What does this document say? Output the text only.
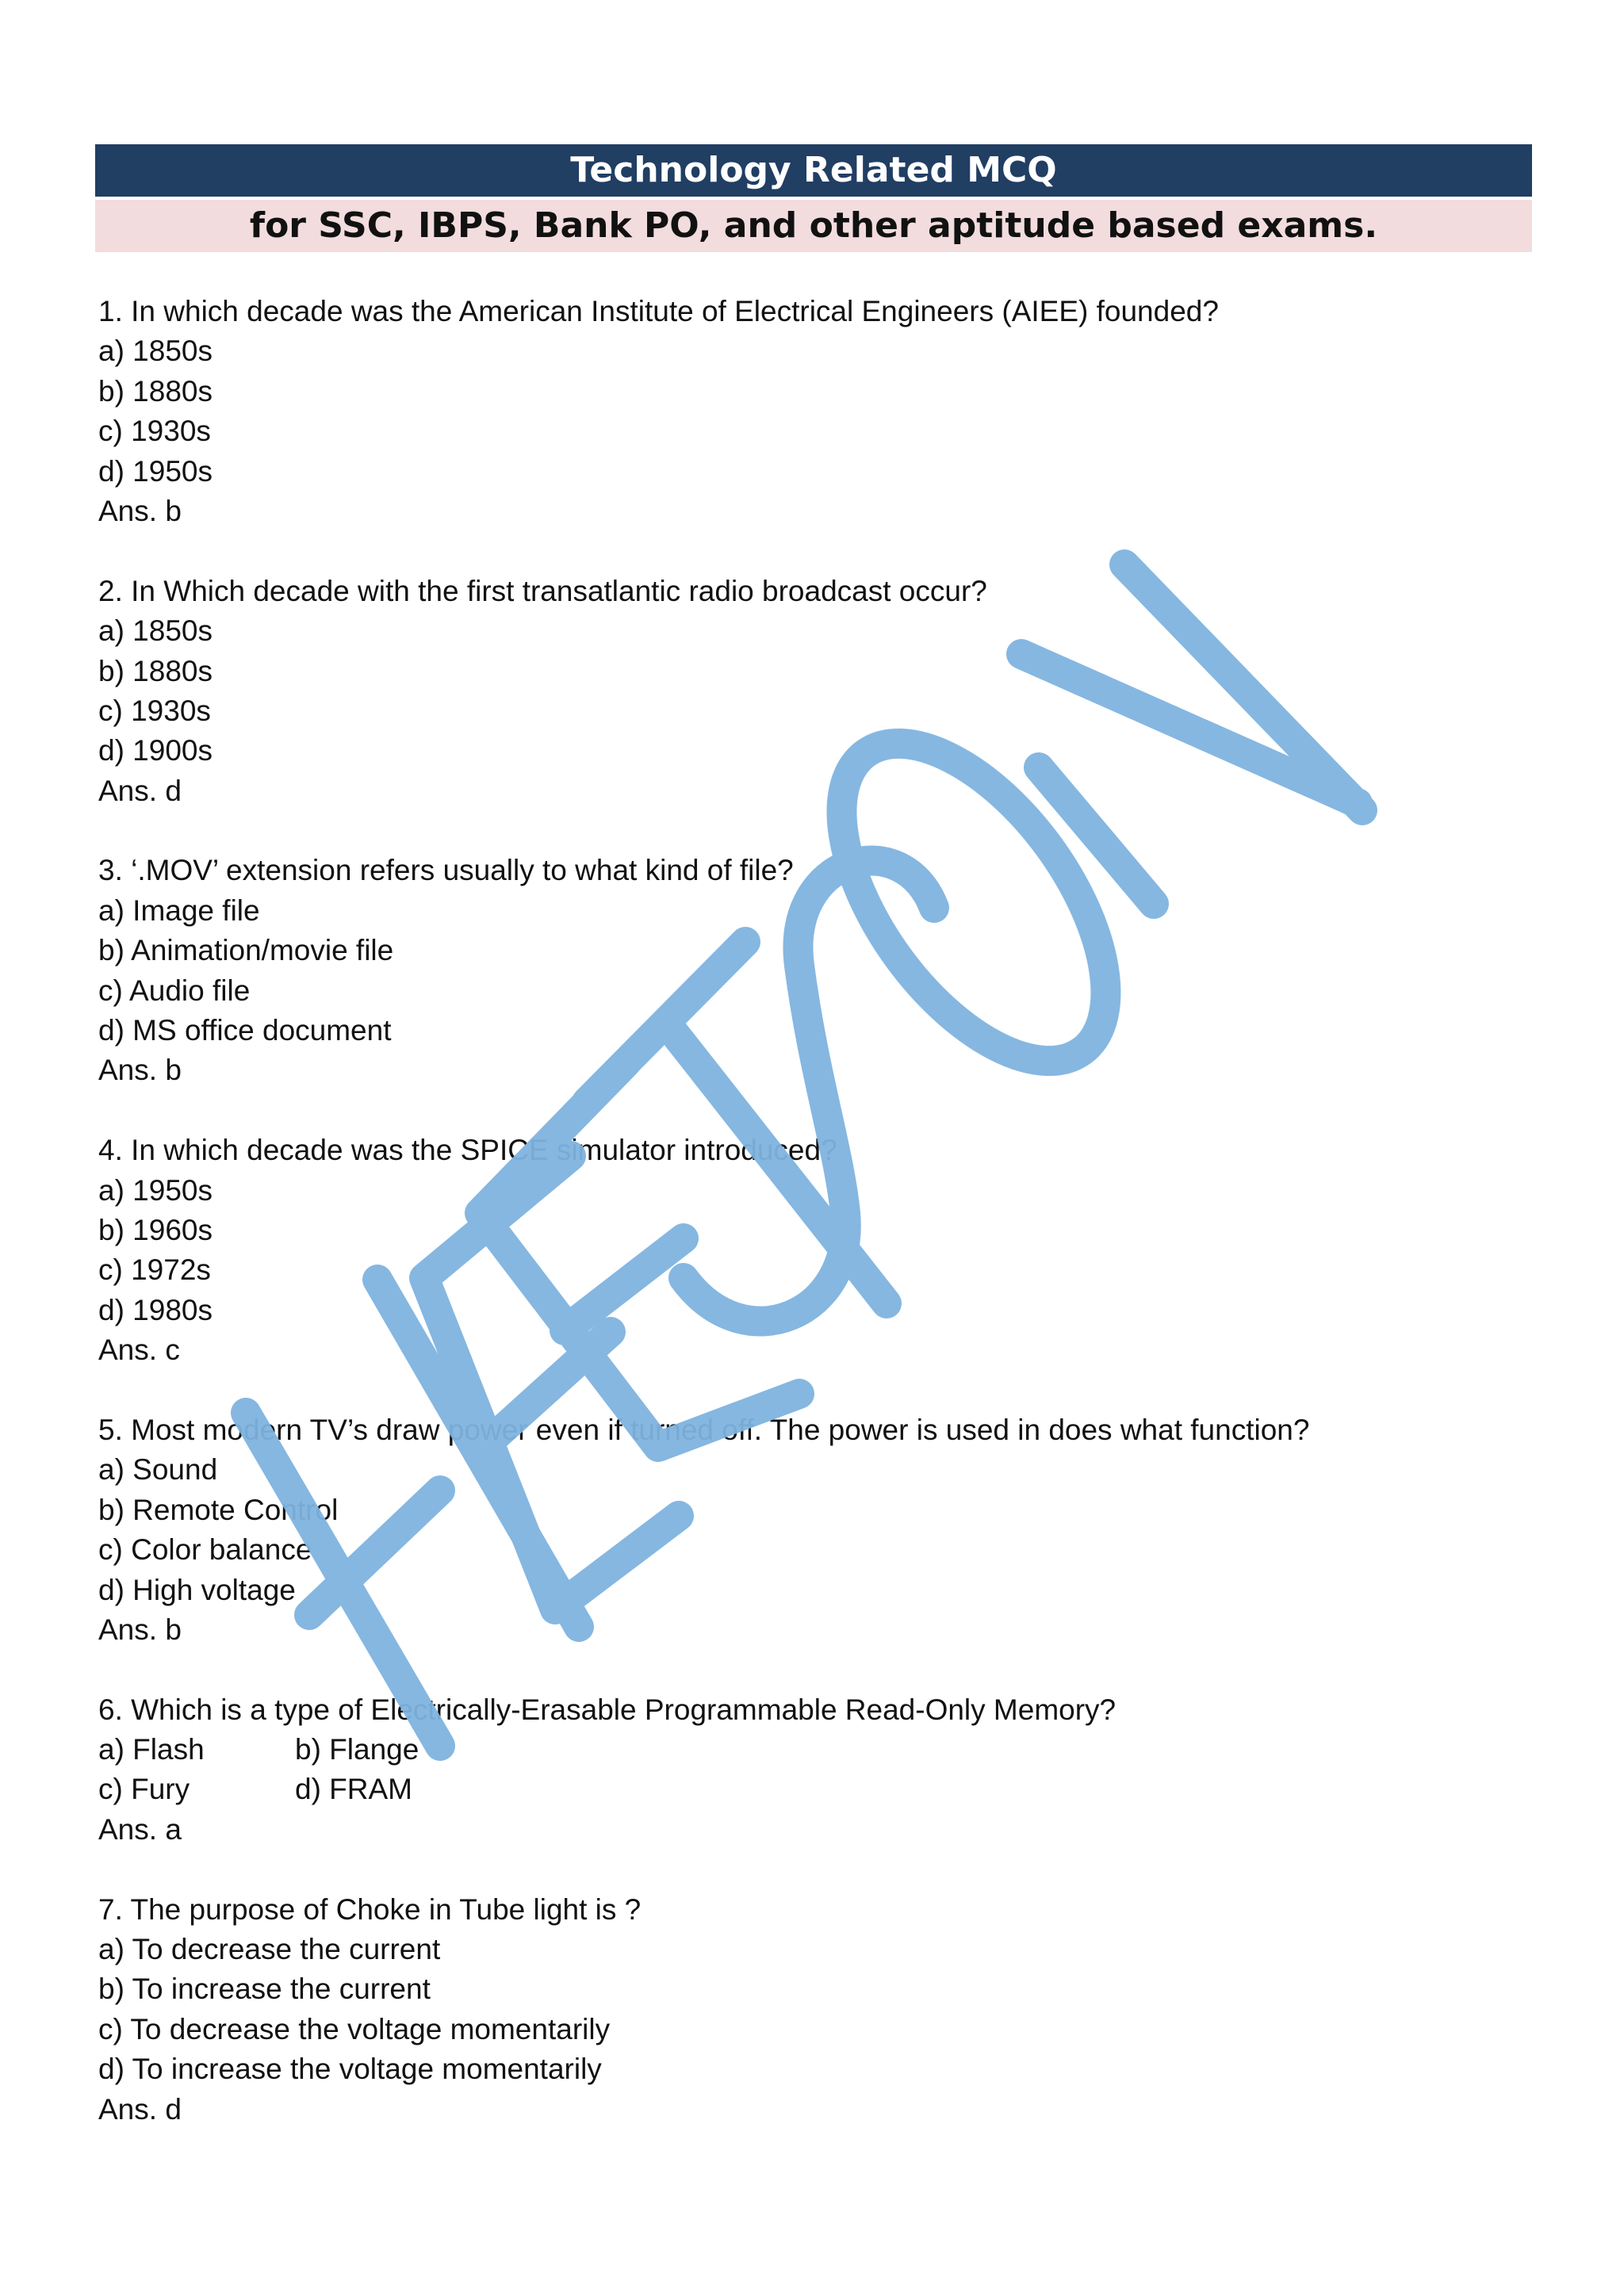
Technology Related MCQ
for SSC, IBPS, Bank PO, and other aptitude based exams.
1. In which decade was the American Institute of Electrical Engineers (AIEE) founded?
a) 1850s
b) 1880s
c) 1930s
d) 1950s
Ans. b
2. In Which decade with the first transatlantic radio broadcast occur?
a) 1850s
b) 1880s
c) 1930s
d) 1900s
Ans. d
3. ‘.MOV’ extension refers usually to what kind of file?
a) Image file
b) Animation/movie file
c) Audio file
d) MS office document
Ans. b
4. In which decade was the SPICE simulator introduced?
a) 1950s
b) 1960s
c) 1972s
d) 1980s
Ans. c
5. Most modern TV’s draw power even if turned off. The power is used in does what function?
a) Sound
b) Remote Control
c) Color balance
d) High voltage
Ans. b
6. Which is a type of Electrically-Erasable Programmable Read-Only Memory?
a) Flash	b) Flange
c) Fury	d) FRAM
Ans. a
7. The purpose of Choke in Tube light is ?
a) To decrease the current
b) To increase the current
c) To decrease the voltage momentarily
d) To increase the voltage momentarily
Ans. d
